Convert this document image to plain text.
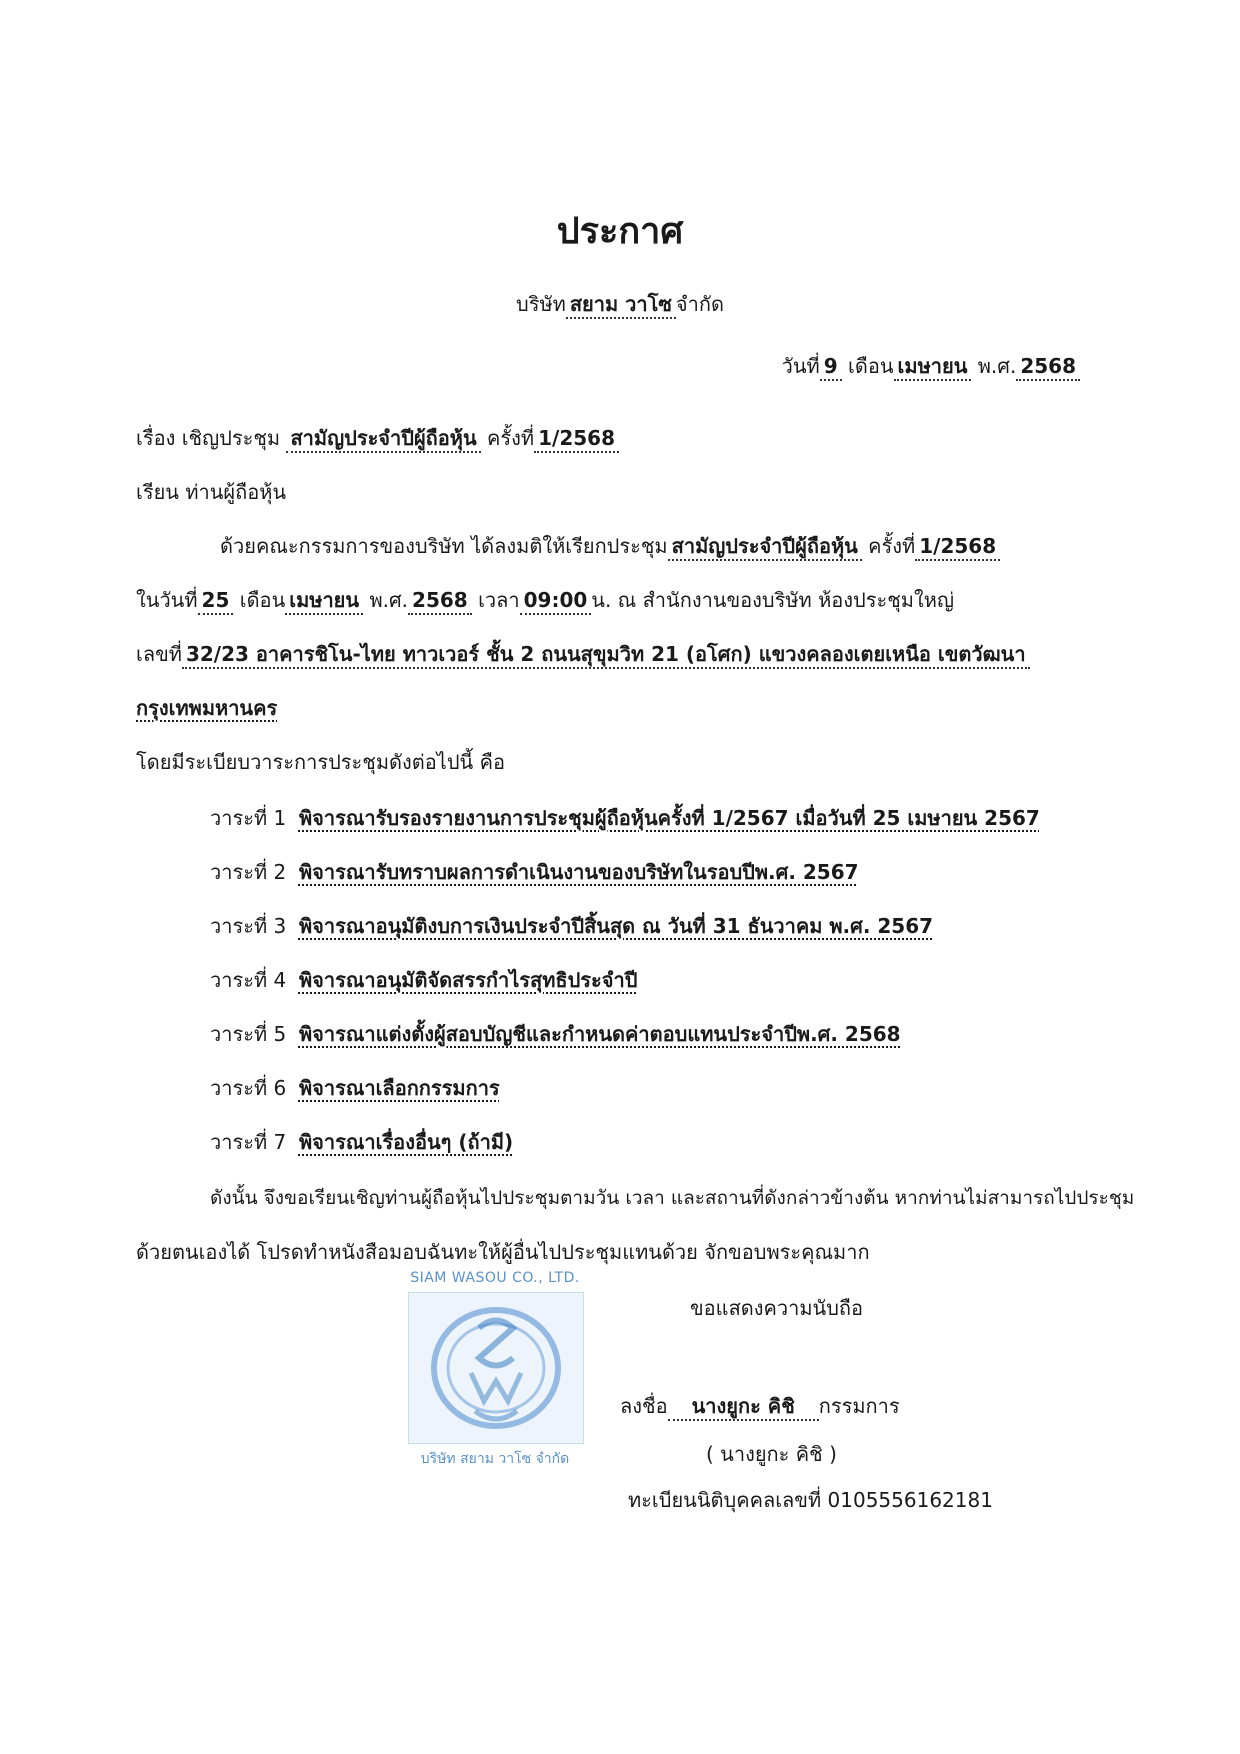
ประกาศ
บริษัท สยาม วาโซ จำกัด
วันที่ 9 เดือน เมษายน พ.ศ. 2568
เรื่อง เชิญประชุม สามัญประจำปีผู้ถือหุ้น ครั้งที่ 1/2568
เรียน ท่านผู้ถือหุ้น
ด้วยคณะกรรมการของบริษัท ได้ลงมติให้เรียกประชุม สามัญประจำปีผู้ถือหุ้น ครั้งที่ 1/2568
ในวันที่ 25 เดือน เมษายน พ.ศ. 2568 เวลา 09:00 น. ณ สำนักงานของบริษัท ห้องประชุมใหญ่
เลขที่ 32/23 อาคารชิโน-ไทย ทาวเวอร์ ชั้น 2 ถนนสุขุมวิท 21 (อโศก) แขวงคลองเตยเหนือ เขตวัฒนา
กรุงเทพมหานคร
โดยมีระเบียบวาระการประชุมดังต่อไปนี้ คือ
วาระที่ 1 พิจารณารับรองรายงานการประชุมผู้ถือหุ้นครั้งที่ 1/2567 เมื่อวันที่ 25 เมษายน 2567
วาระที่ 2 พิจารณารับทราบผลการดำเนินงานของบริษัทในรอบปีพ.ศ. 2567
วาระที่ 3 พิจารณาอนุมัติงบการเงินประจำปีสิ้นสุด ณ วันที่ 31 ธันวาคม พ.ศ. 2567
วาระที่ 4 พิจารณาอนุมัติจัดสรรกำไรสุทธิประจำปี
วาระที่ 5 พิจารณาแต่งตั้งผู้สอบบัญชีและกำหนดค่าตอบแทนประจำปีพ.ศ. 2568
วาระที่ 6 พิจารณาเลือกกรรมการ
วาระที่ 7 พิจารณาเรื่องอื่นๆ (ถ้ามี)
ดังนั้น จึงขอเรียนเชิญท่านผู้ถือหุ้นไปประชุมตามวัน เวลา และสถานที่ดังกล่าวข้างต้น หากท่านไม่สามารถไปประชุม
ด้วยตนเองได้ โปรดทำหนังสือมอบฉันทะให้ผู้อื่นไปประชุมแทนด้วย จักขอบพระคุณมาก
SIAM WASOU CO., LTD.
บริษัท สยาม วาโซ จำกัด
ขอแสดงความนับถือ
ลงชื่อ นางยูกะ คิชิ กรรมการ
( นางยูกะ คิชิ )
ทะเบียนนิติบุคคลเลขที่ 0105556162181
